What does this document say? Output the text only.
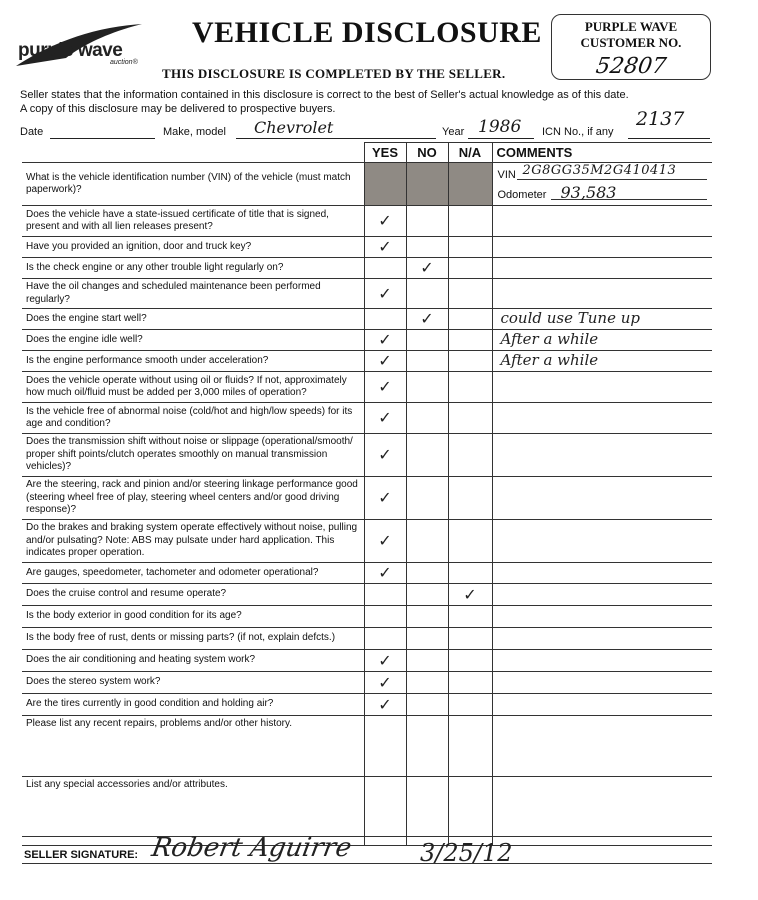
purple wave
auction®
VEHICLE DISCLOSURE
THIS DISCLOSURE IS COMPLETED BY THE SELLER.
PURPLE WAVE
CUSTOMER NO.
52807
Seller states that the information contained in this disclosure is correct to the best of Seller's actual knowledge as of this date.
A copy of this disclosure may be delivered to prospective buyers.
Date	Make, model Chevrolet	Year 1986 ICN No., if any
2137
	YES	NO	N/A	COMMENTS
What is the vehicle identification number (VIN) of the vehicle (must match paperwork)?				VIN 2G8GG35M2G410413
Odometer 93,583

Does the vehicle have a state-issued certificate of title that is signed, present and with all lien releases present?	✓			

Have you provided an ignition, door and truck key?	✓			

Is the check engine or any other trouble light regularly on?		✓		

Have the oil changes and scheduled maintenance been performed regularly?	✓			

Does the engine start well?		✓		could use Tune up

Does the engine idle well?	✓			After a while

Is the engine performance smooth under acceleration?	✓			After a while

Does the vehicle operate without using oil or fluids? If not, approximately how much oil/fluid must be added per 3,000 miles of operation?	✓			

Is the vehicle free of abnormal noise (cold/hot and high/low speeds) for its age and condition?	✓			

Does the transmission shift without noise or slippage (operational/smooth/ proper shift points/clutch operates smoothly on manual transmission vehicles)?	✓			

Are the steering, rack and pinion and/or steering linkage performance good (steering wheel free of play, steering wheel centers and/or good driving response)?	✓			

Do the brakes and braking system operate effectively without noise, pulling and/or pulsating? Note: ABS may pulsate under hard application. This indicates proper operation.	✓			

Are gauges, speedometer, tachometer and odometer operational?	✓			

Does the cruise control and resume operate?			✓	

Is the body exterior in good condition for its age?				

Is the body free of rust, dents or missing parts? (if not, explain defcts.)				

Does the air conditioning and heating system work?	✓			

Does the stereo system work?	✓			

Are the tires currently in good condition and holding air?	✓			

Please list any recent repairs, problems and/or other history.				
List any special accessories and/or attributes.				
SELLER SIGNATURE: Robert Aguirre	3/25/12
